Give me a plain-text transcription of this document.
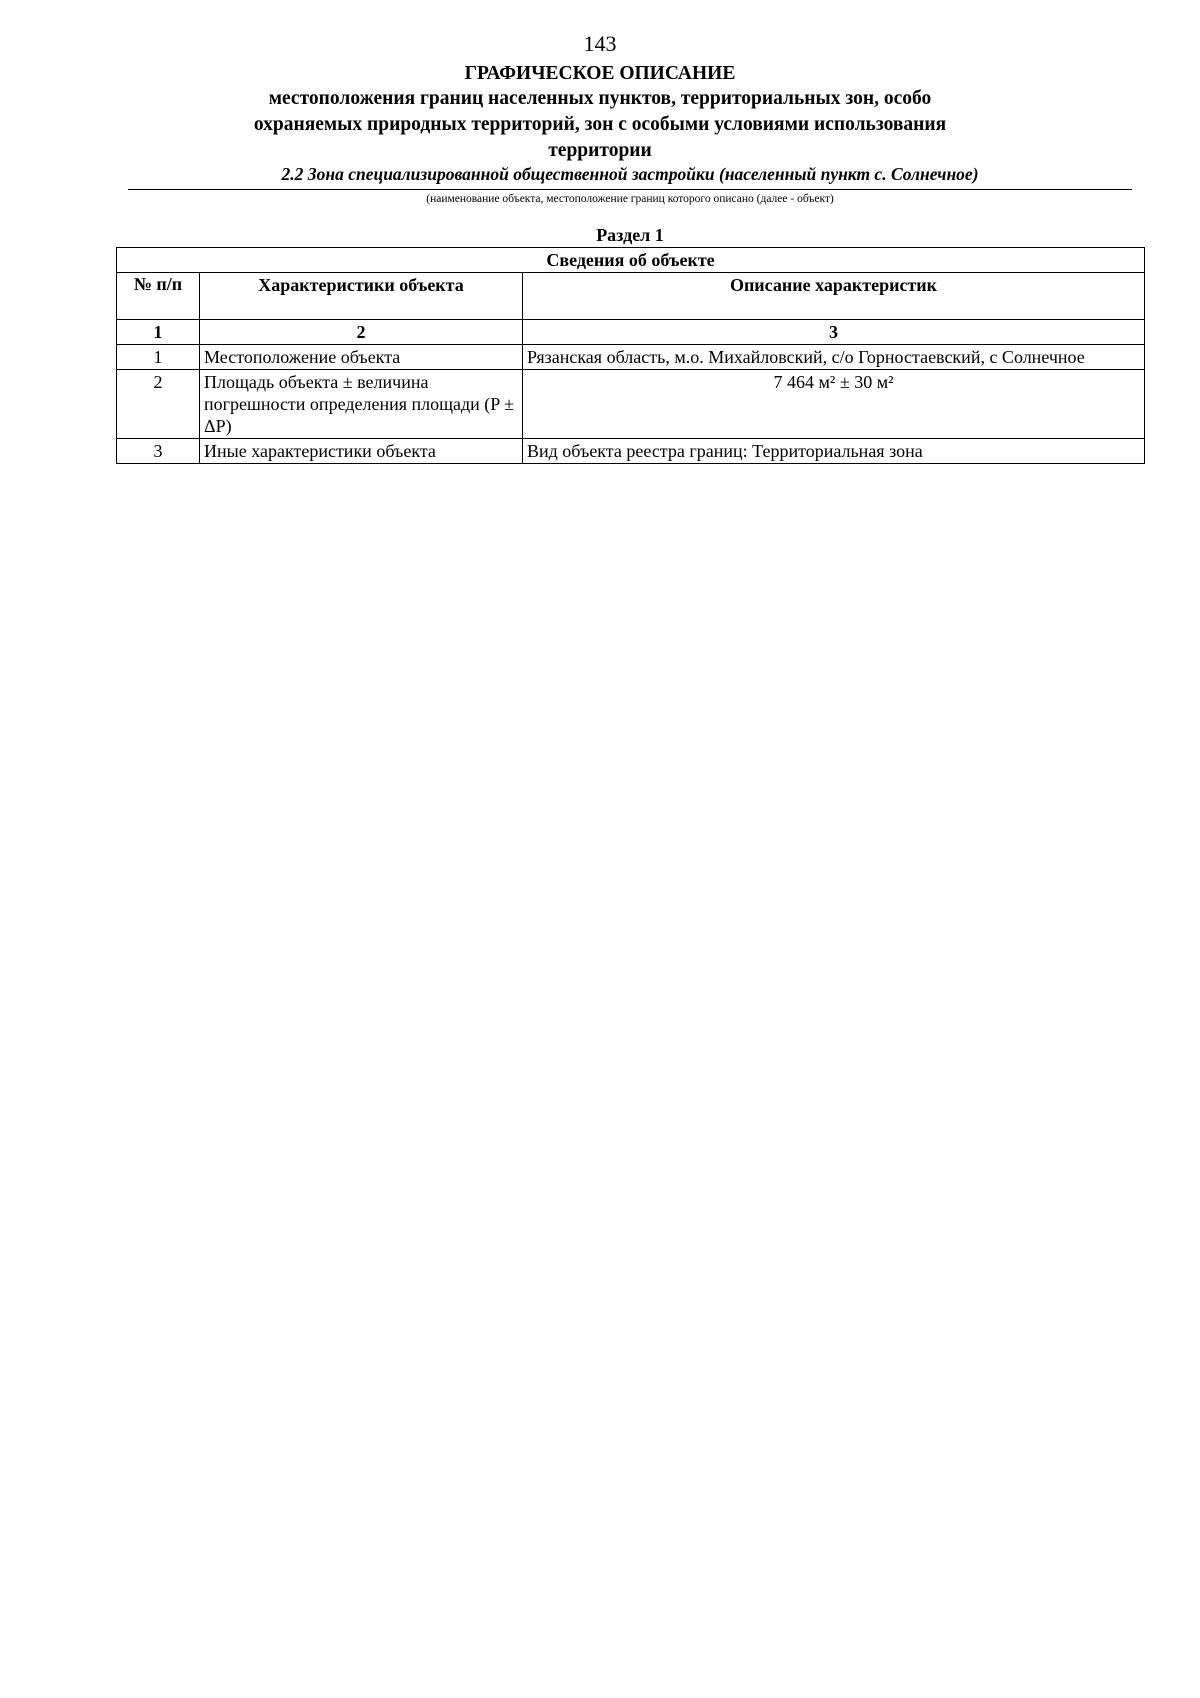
143
ГРАФИЧЕСКОЕ ОПИСАНИЕ
местоположения границ населенных пунктов, территориальных зон, особо охраняемых природных территорий, зон с особыми условиями использования территории
2.2 Зона специализированной общественной застройки (населенный пункт с. Солнечное)
(наименование объекта, местоположение границ которого описано (далее - объект)
Раздел 1
Сведения об объекте		
№ п/п	Характеристики объекта	Описание характеристик
1	2	3
1	Местоположение объекта	Рязанская область, м.о. Михайловский, с/о Горностаевский, с Солнечное
2	Площадь объекта ± величина погрешности определения площади (P ± ΔP)	7 464 м² ± 30 м²
3	Иные характеристики объекта	Вид объекта реестра границ: Территориальная зона
